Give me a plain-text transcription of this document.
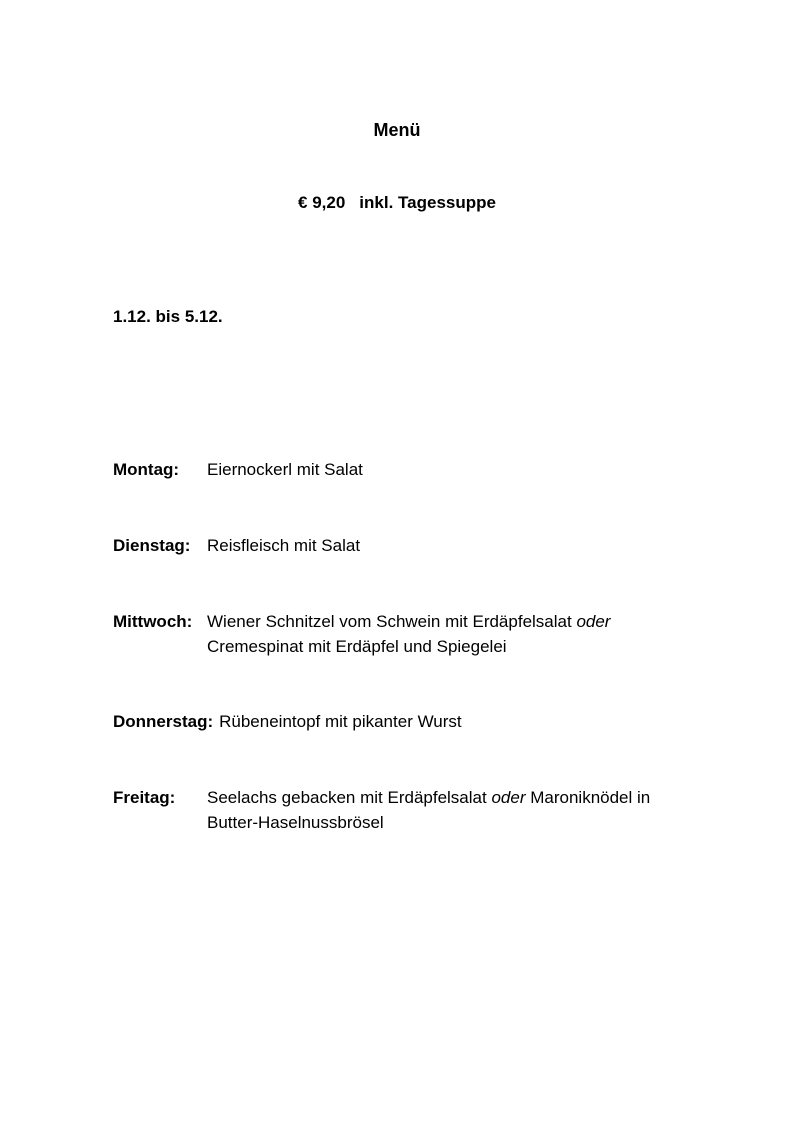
Menü
€ 9,20 inkl. Tagessuppe
1.12. bis 5.12.
Montag: Eiernockerl mit Salat
Dienstag: Reisfleisch mit Salat
Mittwoch: Wiener Schnitzel vom Schwein mit Erdäpfelsalat oder
Cremespinat mit Erdäpfel und Spiegelei
Donnerstag: Rübeneintopf mit pikanter Wurst
Freitag: Seelachs gebacken mit Erdäpfelsalat oder Maroniknödel in
Butter-Haselnussbrösel
